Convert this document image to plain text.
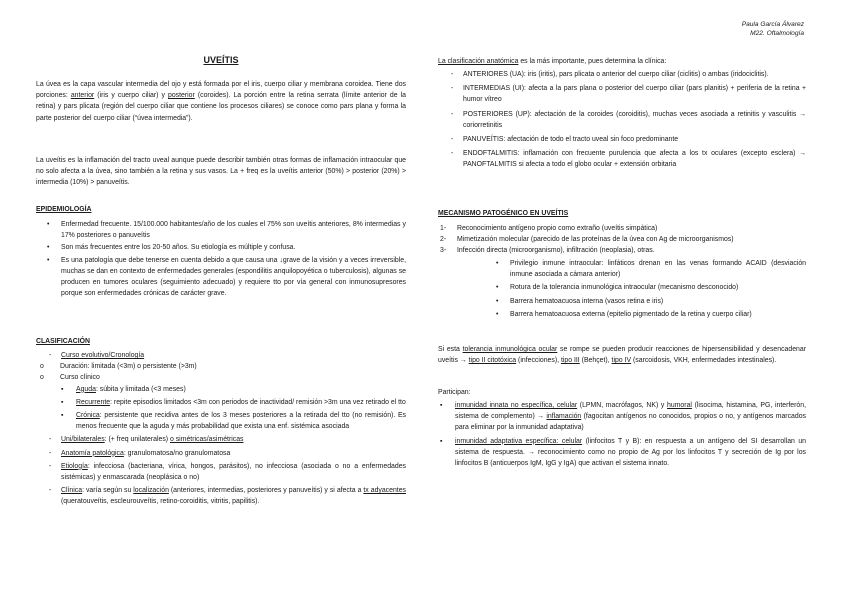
Paula García Álvarez
M22. Oftalmología
UVEÍTIS

La úvea es la capa vascular intermedia del ojo y está formada por el iris, cuerpo ciliar y membrana coroidea. Tiene dos porciones: anterior (iris y cuerpo ciliar) y posterior (coroides). La porción entre la retina serrata (límite anterior de la retina) y pars plicata (región del cuerpo ciliar que contiene los procesos ciliares) se conoce como pars plana y forma la parte posterior del cuerpo ciliar (“úvea intermedia”).

La uveítis es la inflamación del tracto uveal aunque puede describir también otras formas de inflamación intraocular que no solo afecta a la úvea, sino también a la retina y sus vasos. La + freq es la uveítis anterior (50%) > posterior (20%) > intermedia (10%) > panuveítis.

EPIDEMIOLOGÍA
• Enfermedad frecuente. 15/100.000 habitantes/año de los cuales el 75% son uveítis anteriores, 8% intermedias y 17% posteriores o panuveítis
• Son más frecuentes entre los 20-50 años. Su etiología es múltiple y confusa.
• Es una patología que debe tenerse en cuenta debido a que causa una ↓grave de la visión y a veces irreversible, muchas se dan en contexto de enfermedades generales (espondilitis anquilopoyética o tuberculosis), algunas se producen en tumores oculares (seguimiento adecuado) y requiere tto por vía general con inmunosupresores porque son enfermedades crónicas de carácter grave.
CLASIFICACIÓN
- Curso evolutivo/Cronología
o Duración: limitada (<3m) o persistente (>3m)
o Curso clínico
▪ Aguda: súbita y limitada (<3 meses)
▪ Recurrente: repite episodios limitados <3m con periodos de inactividad/ remisión >3m una vez retirado el tto
▪ Crónica: persistente que recidiva antes de los 3 meses posteriores a la retirada del tto (no remisión). Es menos frecuente que la aguda y más probabilidad que exista una enf. sistémica asociada
- Uni/bilaterales: (+ freq unilaterales) o simétricas/asimétricas
- Anatomía patológica: granulomatosa/no granulomatosa
- Etiología: infecciosa (bacteriana, vírica, hongos, parásitos), no infecciosa (asociada o no a enfermedades sistémicas) y enmascarada (neoplásica o no)
- Clínica: varía según su localización (anteriores, intermedias, posteriores y panuveítis) y si afecta a tx adyacentes (queratouveítis, escleurouveítis, retino-coroiditis, vitritis, papilitis).

La clasificación anatómica es la más importante, pues determina la clínica:

- ANTERIORES (UA): iris (iritis), pars plicata o anterior del cuerpo ciliar (ciclitis) o ambas (iridociclitis).
- INTERMEDIAS (UI): afecta a la pars plana o posterior del cuerpo ciliar (pars planitis) + periferia de la retina + humor vítreo
- POSTERIORES (UP): afectación de la coroides (coroiditis), muchas veces asociada a retinitis y vasculitis → coriorretinitis
- PANUVEÍTIS: afectación de todo el tracto uveal sin foco predominante
- ENDOFTALMITIS: inflamación con frecuente purulencia que afecta a los tx oculares (excepto esclera) → PANOFTALMITIS si afecta a todo el globo ocular + extensión orbitaria
MECANISMO PATOGÉNICO EN UVEÍTIS
1- Reconocimiento antígeno propio como extraño (uveítis simpática)
2- Mimetización molecular (parecido de las proteínas de la úvea con Ag de microorganismos)
3- Infección directa (microorganismo), infiltración (neoplasia), otras.
• Privilegio inmune intraocular: linfáticos drenan en las venas formando ACAID (desviación inmune asociada a cámara anterior)
• Rotura de la tolerancia inmunológica intraocular (mecanismo desconocido)
• Barrera hematoacuosa interna (vasos retina e iris)
• Barrera hematoacuosa externa (epitelio pigmentado de la retina y cuerpo ciliar)

Si esta tolerancia inmunológica ocular se rompe se pueden producir reacciones de hipersensibilidad y desencadenar uveítis → tipo II citotóxica (infecciones), tipo III (Behçet), tipo IV (sarcoidosis, VKH, enfermedades intestinales).

Participan:

▪ inmunidad innata no específica, celular (LPMN, macrófagos, NK) y humoral (lisocima, histamina, PG, interferón, sistema de complemento) → inflamación (fagocitan antígenos no conocidos, propios o no, y antígenos marcados para eliminar por la inmunidad adaptativa)
▪ inmunidad adaptativa específica: celular (linfocitos T y B): en respuesta a un antígeno del SI desarrollan un sistema de respuesta. → reconocimiento como no propio de Ag por los linfocitos T y secreción de Ig por los linfocitos B (anticuerpos IgM, IgG y IgA) que activan el sistema innato.
